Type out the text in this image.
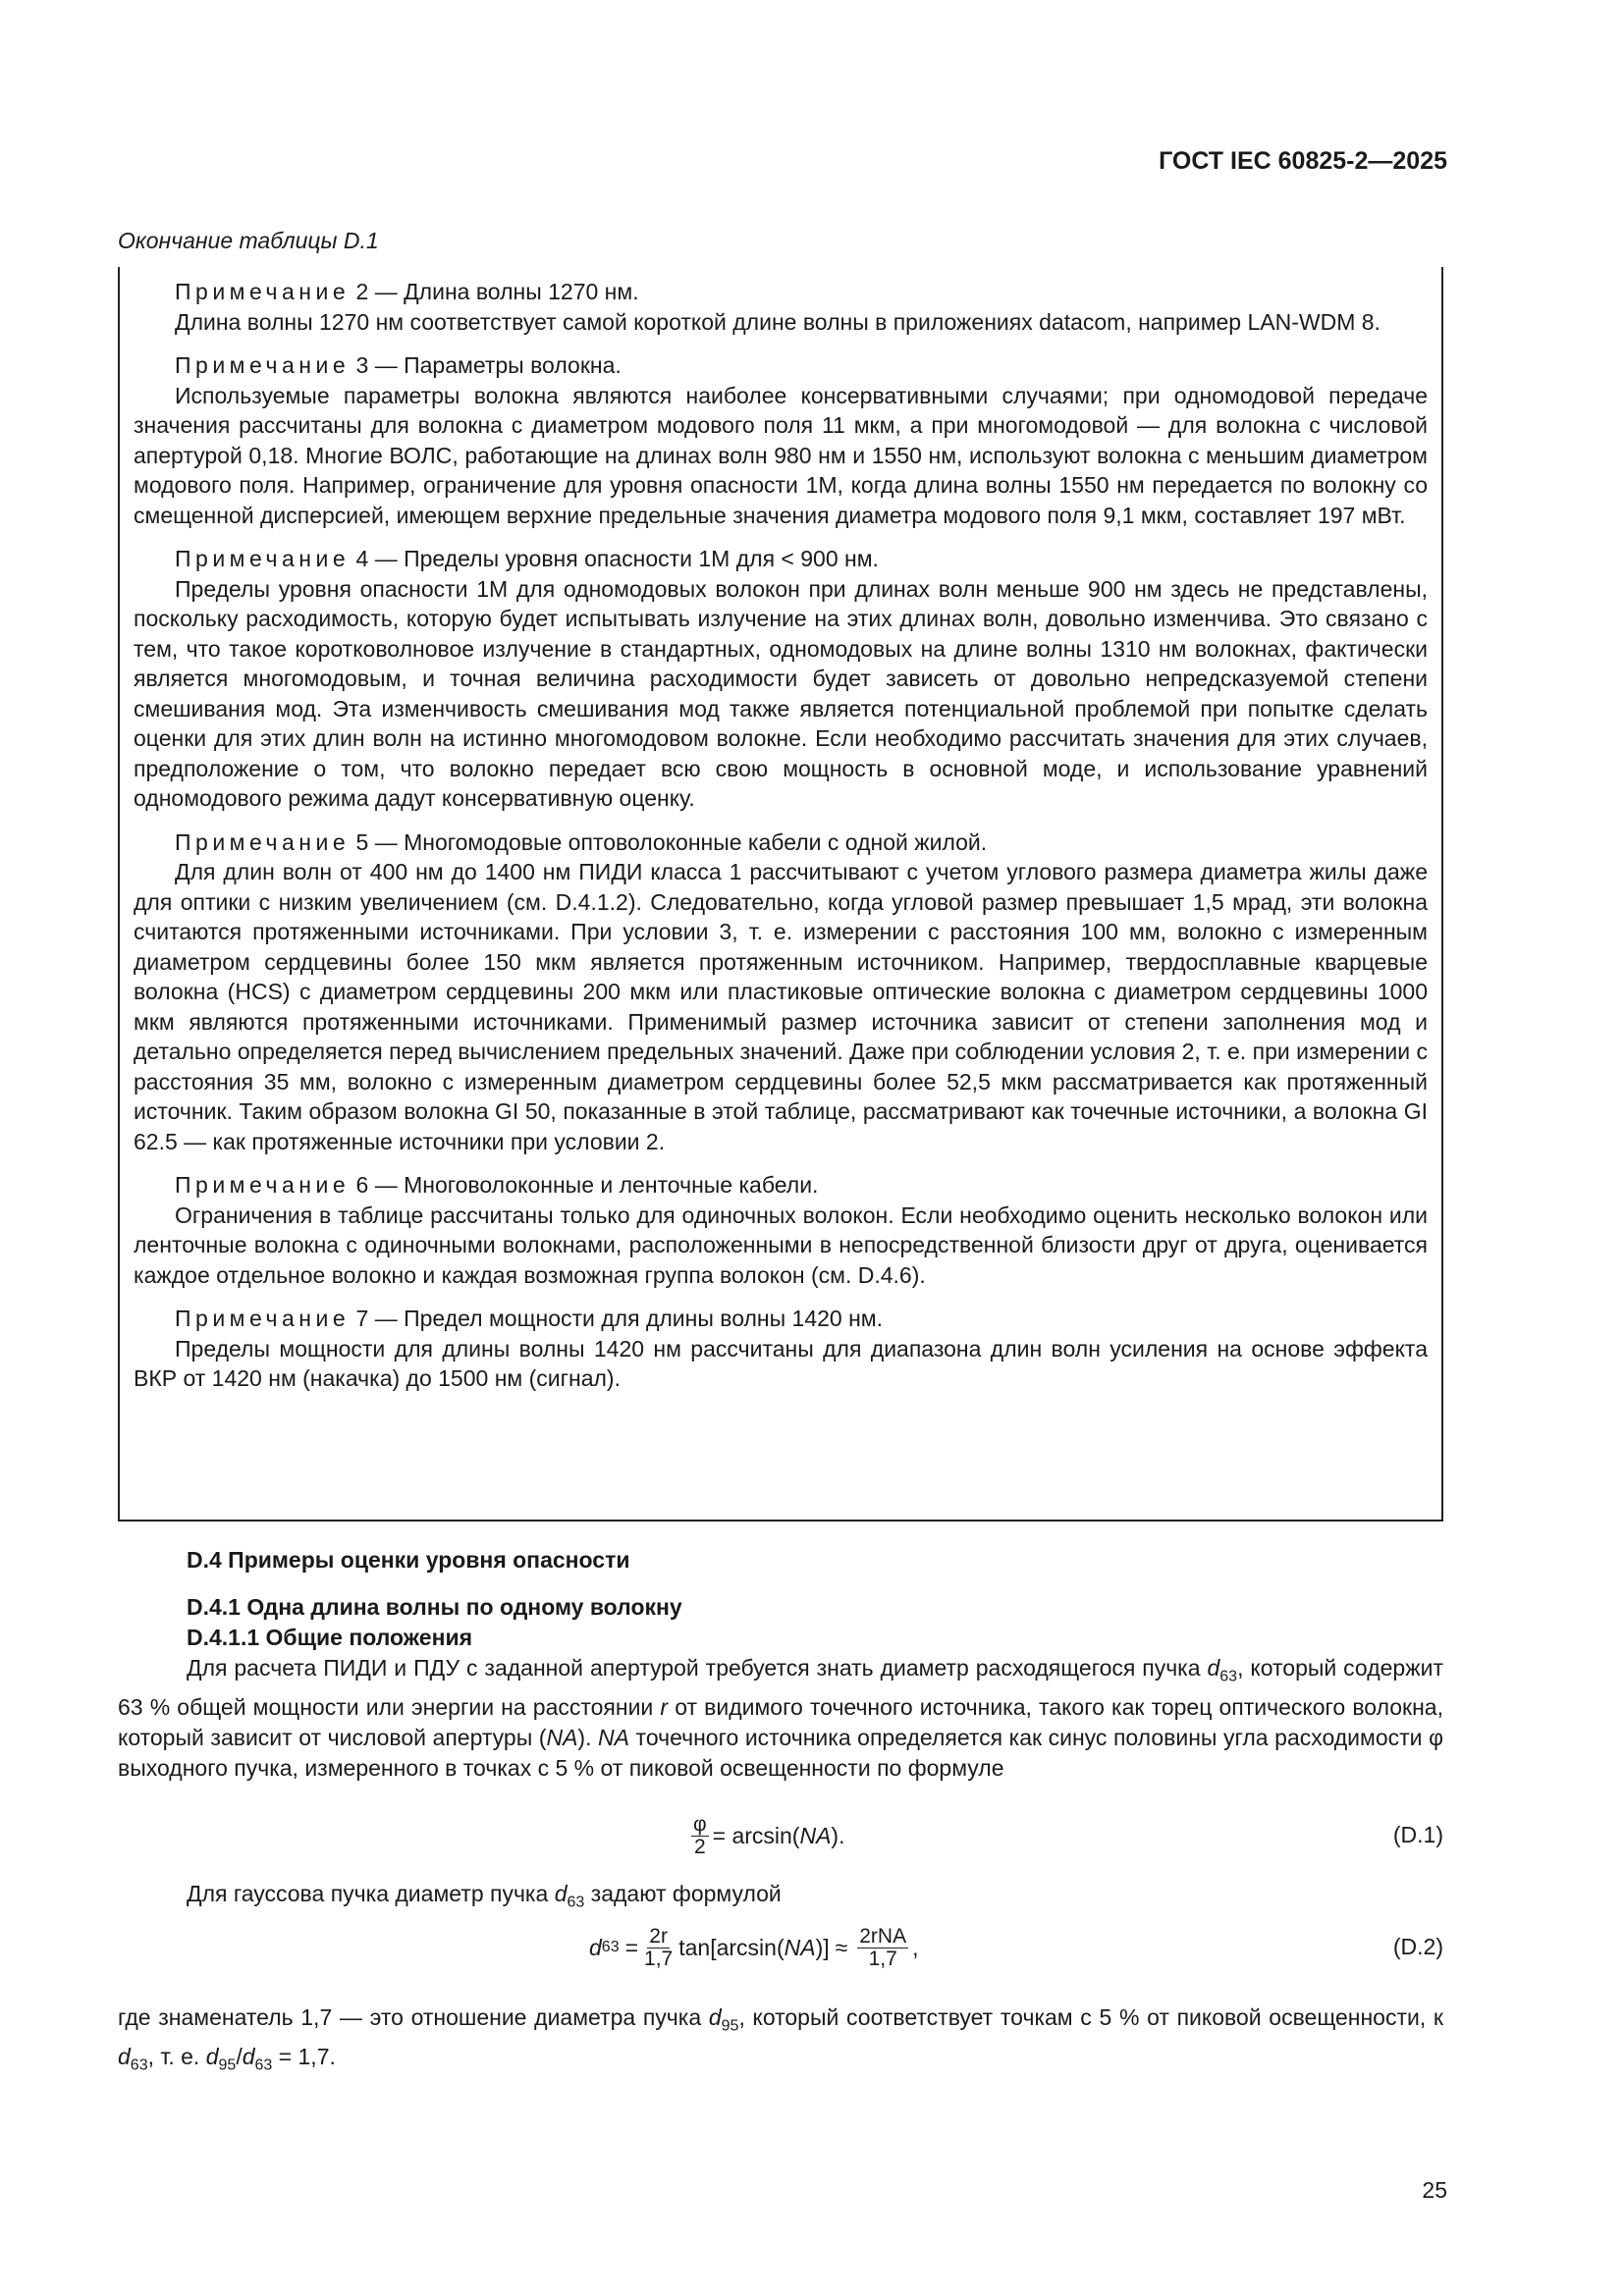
ГОСТ IEC 60825-2—2025
Окончание таблицы D.1

Примечание 2 — Длина волны 1270 нм.

Длина волны 1270 нм соответствует самой короткой длине волны в приложениях datacom, например LAN-WDM 8.

Примечание 3 — Параметры волокна.

Используемые параметры волокна являются наиболее консервативными случаями; при одномодовой передаче значения рассчитаны для волокна с диаметром модового поля 11 мкм, а при многомодовой — для волокна с числовой апертурой 0,18. Многие ВОЛС, работающие на длинах волн 980 нм и 1550 нм, используют волокна с меньшим диаметром модового поля. Например, ограничение для уровня опасности 1М, когда длина волны 1550 нм передается по волокну со смещенной дисперсией, имеющем верхние предельные значения диаметра модового поля 9,1 мкм, составляет 197 мВт.

Примечание 4 — Пределы уровня опасности 1М для < 900 нм.

Пределы уровня опасности 1М для одномодовых волокон при длинах волн меньше 900 нм здесь не представлены, поскольку расходимость, которую будет испытывать излучение на этих длинах волн, довольно изменчива. Это связано с тем, что такое коротковолновое излучение в стандартных, одномодовых на длине волны 1310 нм волокнах, фактически является многомодовым, и точная величина расходимости будет зависеть от довольно непредсказуемой степени смешивания мод. Эта изменчивость смешивания мод также является потенциальной проблемой при попытке сделать оценки для этих длин волн на истинно многомодовом волокне. Если необходимо рассчитать значения для этих случаев, предположение о том, что волокно передает всю свою мощность в основной моде, и использование уравнений одномодового режима дадут консервативную оценку.

Примечание 5 — Многомодовые оптоволоконные кабели с одной жилой.

Для длин волн от 400 нм до 1400 нм ПИДИ класса 1 рассчитывают с учетом углового размера диаметра жилы даже для оптики с низким увеличением (см. D.4.1.2). Следовательно, когда угловой размер превышает 1,5 мрад, эти волокна считаются протяженными источниками. При условии 3, т. е. измерении с расстояния 100 мм, волокно с измеренным диаметром сердцевины более 150 мкм является протяженным источником. Например, твердосплавные кварцевые волокна (HCS) с диаметром сердцевины 200 мкм или пластиковые оптические волокна с диаметром сердцевины 1000 мкм являются протяженными источниками. Применимый размер источника зависит от степени заполнения мод и детально определяется перед вычислением предельных значений. Даже при соблюдении условия 2, т. е. при измерении с расстояния 35 мм, волокно с измеренным диаметром сердцевины более 52,5 мкм рассматривается как протяженный источник. Таким образом волокна GI 50, показанные в этой таблице, рассматривают как точечные источники, а волокна GI 62.5 — как протяженные источники при условии 2.

Примечание 6 — Многоволоконные и ленточные кабели.

Ограничения в таблице рассчитаны только для одиночных волокон. Если необходимо оценить несколько волокон или ленточные волокна с одиночными волокнами, расположенными в непосредственной близости друг от друга, оценивается каждое отдельное волокно и каждая возможная группа волокон (см. D.4.6).

Примечание 7 — Предел мощности для длины волны 1420 нм.

Пределы мощности для длины волны 1420 нм рассчитаны для диапазона длин волн усиления на основе эффекта ВКР от 1420 нм (накачка) до 1500 нм (сигнал).

D.4 Примеры оценки уровня опасности
D.4.1 Одна длина волны по одному волокну
D.4.1.1 Общие положения
Для расчета ПИДИ и ПДУ с заданной апертурой требуется знать диаметр расходящегося пучка $d_{63}$, который содержит 63 % общей мощности или энергии на расстоянии r от видимого точечного источника, такого как торец оптического волокна, который зависит от числовой апертуры (NA). NA точечного источника определяется как синус половины угла расходимости φ выходного пучка, измеренного в точках с 5 % от пиковой освещенности по формуле
$\frac{\varphi}{2} = \arcsin$( NA ).	(D.1)
Для гауссова пучка диаметр пучка $d_{63}$ задают формулой
d $63 = \frac{2r}{1,7} \tan[\arcsin$( NA )] ≈ $\frac{\text{2rNA}}{1,7}$ ,	(D.2)
где знаменатель 1,7 — это отношение диаметра пучка $d_{95}$, который соответствует точкам с 5 % от пиковой освещенности, к $d_{63}$, т. е. $d_{95}/d_{63} = 1,7$.
25
